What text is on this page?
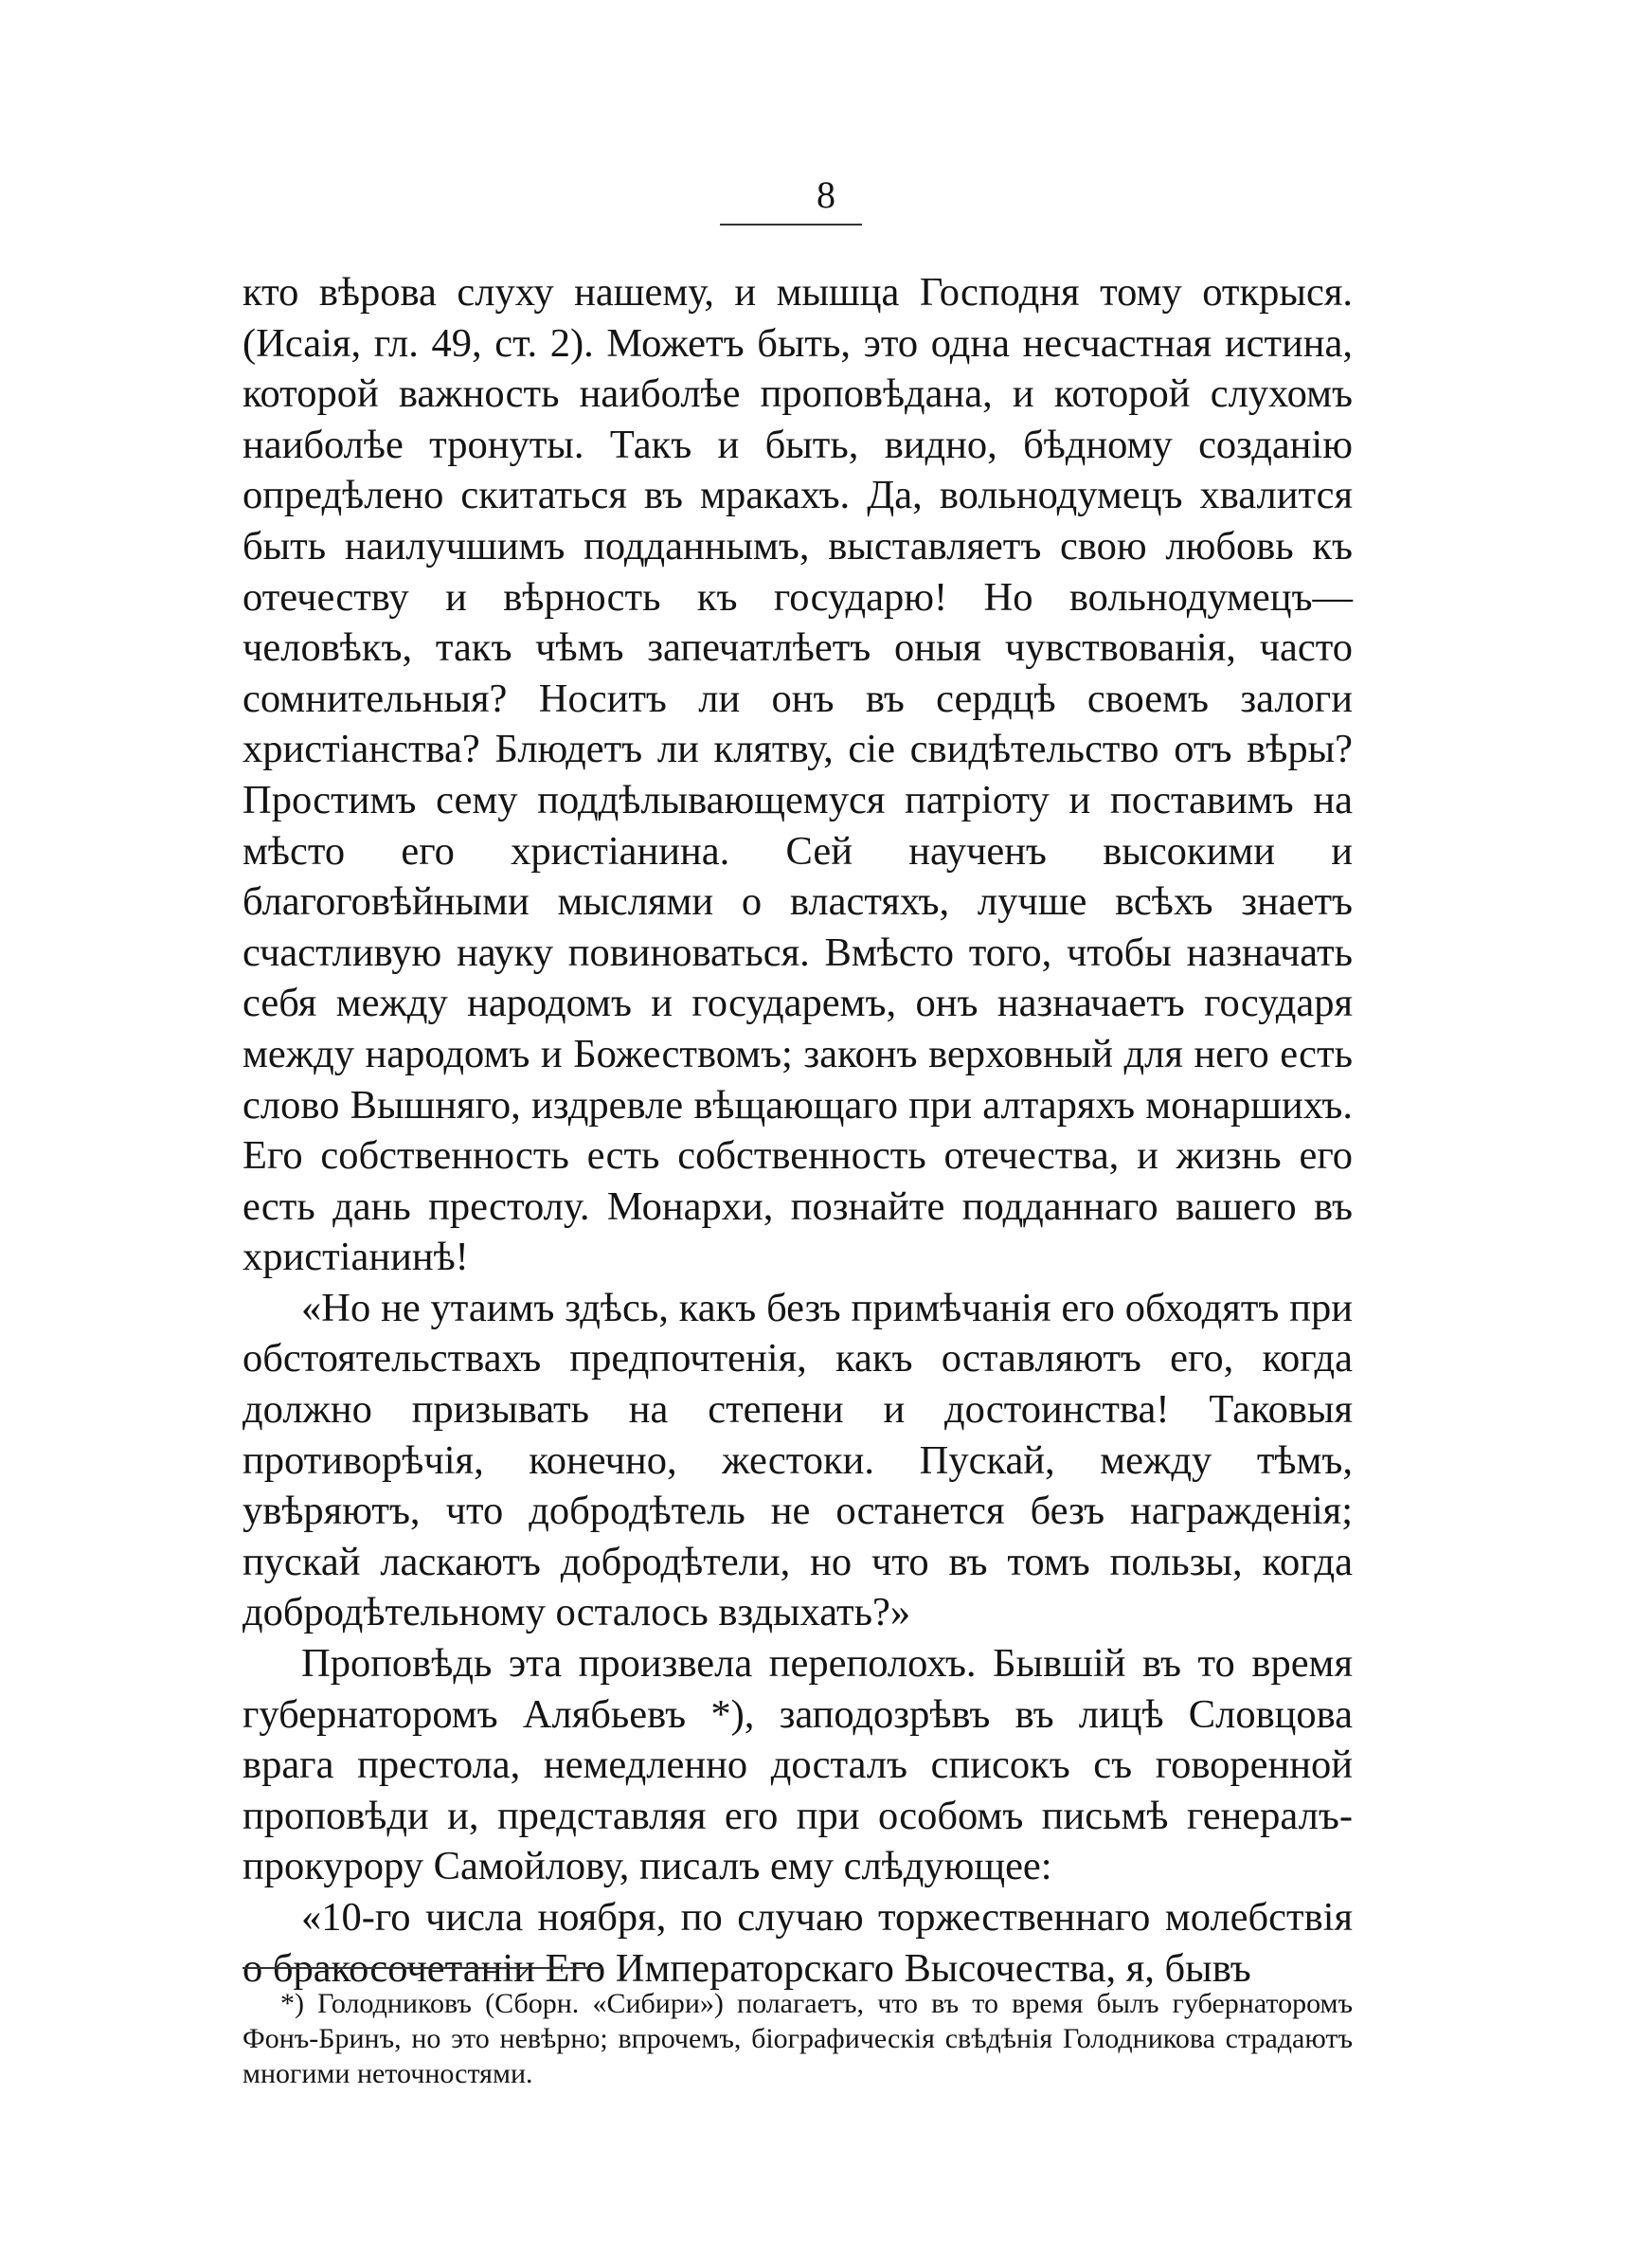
8

кто вѣрова слуху нашему, и мышца Господня тому открыся. (Исаія, гл. 49, ст. 2). Можетъ быть, это одна несчастная истина, которой важность наиболѣе проповѣдана, и которой слухомъ наиболѣе тронуты. Такъ и быть, видно, бѣдному созданію опредѣлено скитаться въ мракахъ. Да, вольнодумецъ хвалится быть наилучшимъ подданнымъ, выставляетъ свою любовь къ отечеству и вѣрность къ государю! Но вольнодумецъ— человѣкъ, такъ чѣмъ запечатлѣетъ оныя чувствованія, часто сомнительныя? Носитъ ли онъ въ сердцѣ своемъ залоги христіанства? Блюдетъ ли клятву, сіе свидѣтельство отъ вѣры? Простимъ сему поддѣлывающемуся патріоту и поставимъ на мѣсто его христіанина. Сей наученъ высокими и благоговѣйными мыслями о властяхъ, лучше всѣхъ знаетъ счастливую науку повиноваться. Вмѣсто того, чтобы назначать себя между народомъ и государемъ, онъ назначаетъ государя между народомъ и Божествомъ; законъ верховный для него есть слово Вышняго, издревле вѣщающаго при алтаряхъ монаршихъ. Его собственность есть собственность отечества, и жизнь его есть дань престолу. Монархи, познайте подданнаго вашего въ христіанинѣ!

«Но не утаимъ здѣсь, какъ безъ примѣчанія его обходятъ при обстоятельствахъ предпочтенія, какъ оставляютъ его, когда должно призывать на степени и достоинства! Таковыя противорѣчія, конечно, жестоки. Пускай, между тѣмъ, увѣряютъ, что добродѣтель не останется безъ награжденія; пускай ласкаютъ добродѣтели, но что въ томъ пользы, когда добродѣтельному осталось вздыхать?»

Проповѣдь эта произвела переполохъ. Бывшій въ то время губернаторомъ Алябьевъ *), заподозрѣвъ въ лицѣ Словцова врага престола, немедленно досталъ списокъ съ говоренной проповѣди и, представляя его при особомъ письмѣ генералъ-прокурору Самойлову, писалъ ему слѣдующее:

«10-го числа ноября, по случаю торжественнаго молебствія о бракосочетаніи Его Императорскаго Высочества, я, бывъ

*) Голодниковъ (Сборн. «Сибири») полагаетъ, что въ то время былъ губернаторомъ Фонъ-Бринъ, но это невѣрно; впрочемъ, біографическія свѣдѣнія Голодникова страдаютъ многими неточностями.
